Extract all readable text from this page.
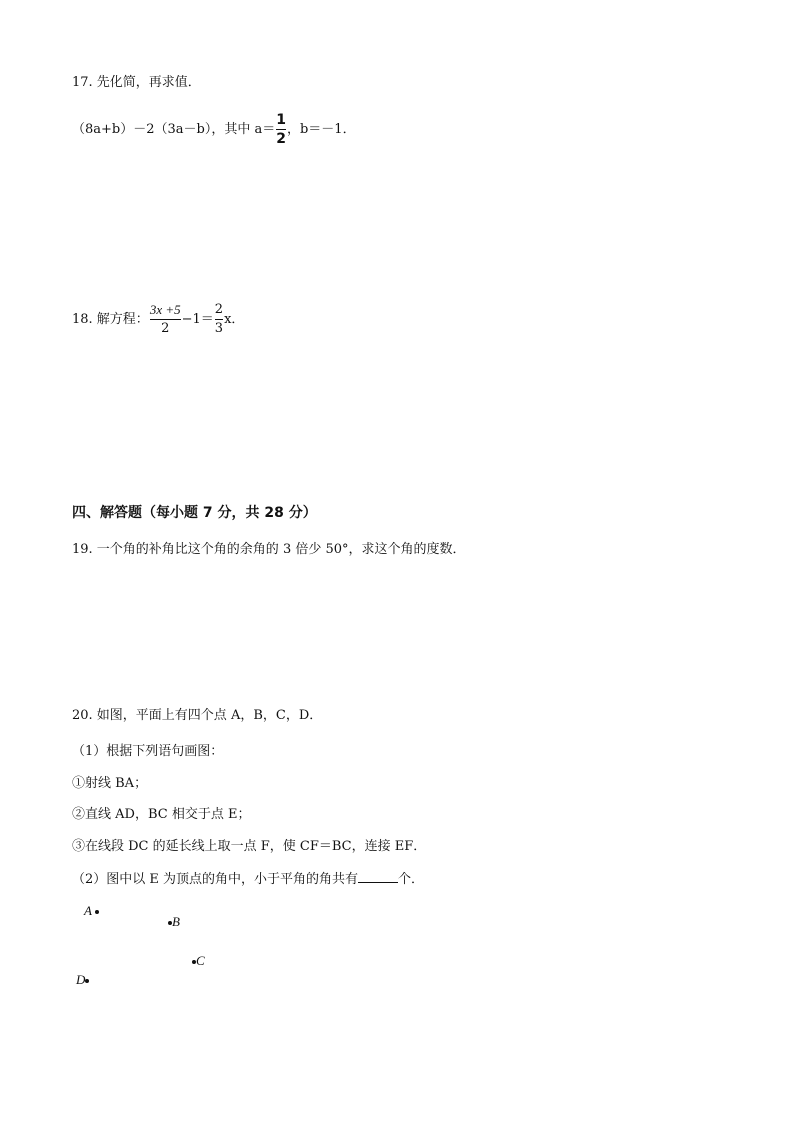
17. 先化简，再求值．
（8a+b）－2（3a－b），其中 $a= \frac{1}{2}$ ，b＝－1．
18. 解方程： $\frac{3x +5}{2} -1= \frac{2}{3}$ x．
四、解答题（每小题 7 分，共 28 分）
19. 一个角的补角比这个角的余角的 3 倍少 50°，求这个角的度数．
20. 如图，平面上有四个点 A，B，C，D．
（1）根据下列语句画图：
①射线 BA；
②直线 AD，BC 相交于点 E；
③在线段 DC 的延长线上取一点 F，使 CF＝BC，连接 EF．
（2）图中以 E 为顶点的角中，小于平角的角共有	个．
A
B
C
D
